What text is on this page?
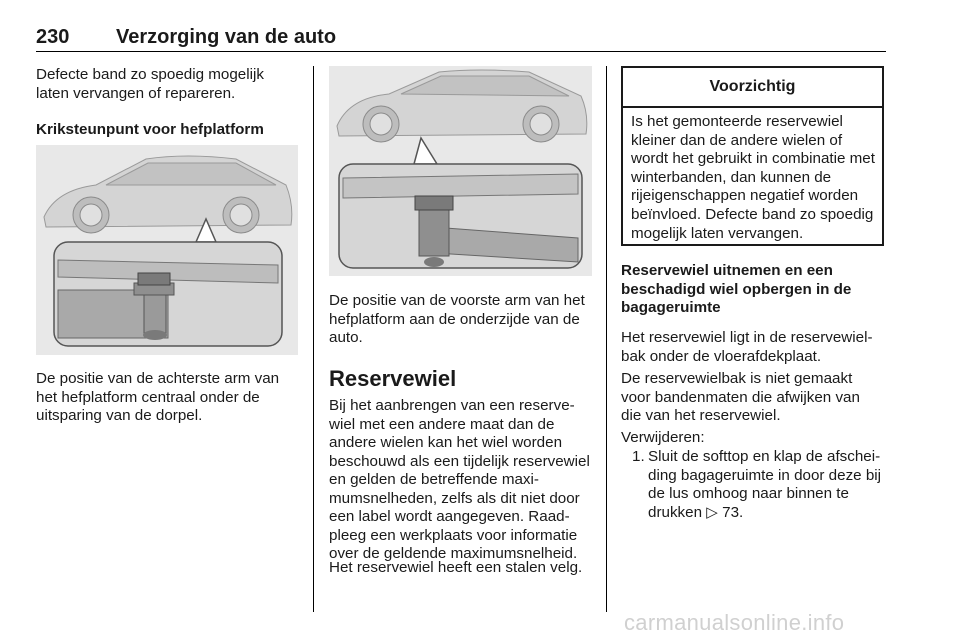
230 Verzorging van de auto

Defecte band zo spoedig mogelijk laten vervangen of repareren.

Kriksteunpunt voor hefplatform

De positie van de achterste arm van het hefplatform centraal onder de uitsparing van de dorpel.

De positie van de voorste arm van het hefplatform aan de onderzijde van de auto.

Reservewiel

Bij het aanbrengen van een reservewiel met een andere maat dan de andere wielen kan het wiel worden beschouwd als een tijdelijk reservewiel en gelden de betreffende maximumsnelheden, zelfs als dit niet door een label wordt aangegeven. Raadpleeg een werkplaats voor informatie over de geldende maximumsnelheid.

Het reservewiel heeft een stalen velg.

Voorzichtig
Is het gemonteerde reservewiel kleiner dan de andere wielen of wordt het gebruikt in combinatie met winterbanden, dan kunnen de rijeigenschappen negatief worden beïnvloed. Defecte band zo spoedig mogelijk laten vervangen.

Reservewiel uitnemen en een beschadigd wiel opbergen in de bagageruimte

Het reservewiel ligt in de reservewielbak onder de vloerafdekplaat.

De reservewielbak is niet gemaakt voor bandenmaten die afwijken van die van het reservewiel.

Verwijderen:

1. Sluit de softtop en klap de afscheiding bagageruimte in door deze bij de lus omhoog naar binnen te drukken ▷ 73.

carmanualsonline.info
